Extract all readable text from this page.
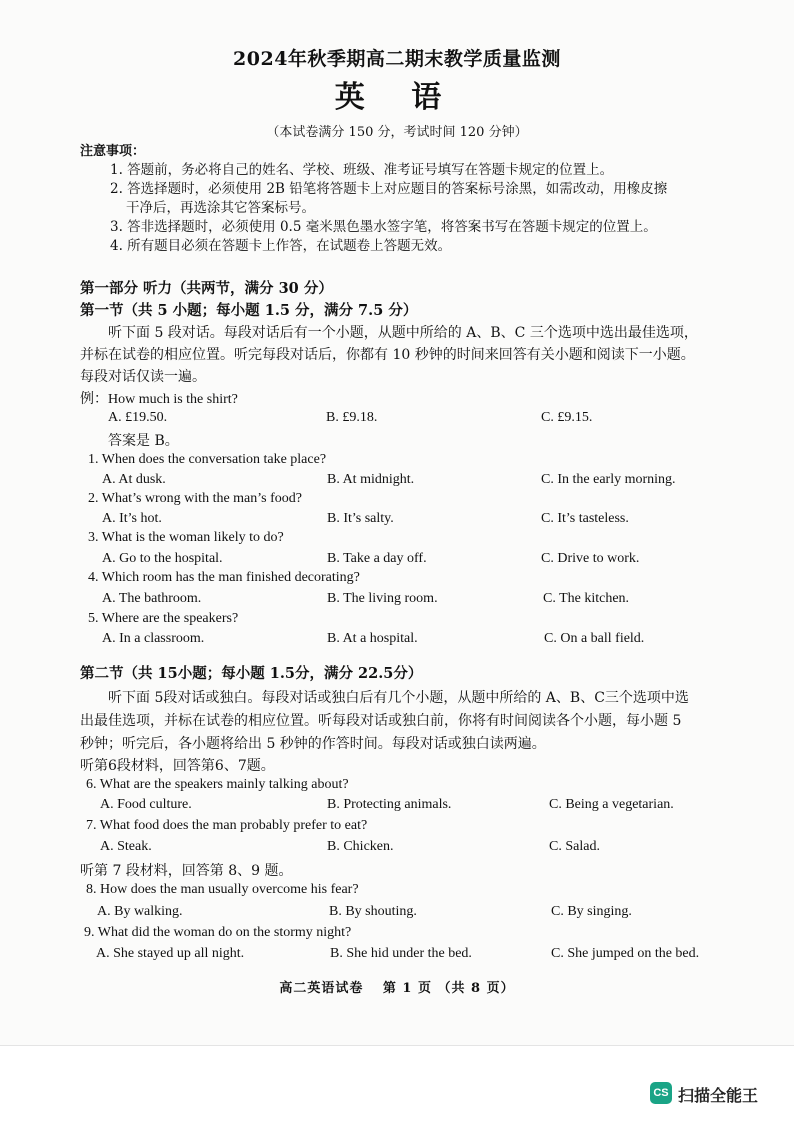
2024年秋季期高二期末教学质量监测
英 语
（本试卷满分 150 分，考试时间 120 分钟）
注意事项：
1. 答题前，务必将自己的姓名、学校、班级、准考证号填写在答题卡规定的位置上。
2. 答选择题时，必须使用 2B 铅笔将答题卡上对应题目的答案标号涂黑，如需改动，用橡皮擦
干净后，再选涂其它答案标号。
3. 答非选择题时，必须使用 0.5 毫米黑色墨水签字笔，将答案书写在答题卡规定的位置上。
4. 所有题目必须在答题卡上作答，在试题卷上答题无效。
第一部分 听力（共两节，满分 30 分）
第一节（共 5 小题；每小题 1.5 分，满分 7.5 分）
听下面 5 段对话。每段对话后有一个小题，从题中所给的 A、B、C 三个选项中选出最佳选项，
并标在试卷的相应位置。听完每段对话后，你都有 10 秒钟的时间来回答有关小题和阅读下一小题。
每段对话仅读一遍。
例：How much is the shirt?
A. £19.50.	B. £9.18.	C. £9.15.
答案是 B。
1. When does the conversation take place?
A. At dusk.	B. At midnight.	C. In the early morning.
2. What’s wrong with the man’s food?
A. It’s hot.	B. It’s salty.	C. It’s tasteless.
3. What is the woman likely to do?
A. Go to the hospital.	B. Take a day off.	C. Drive to work.
4. Which room has the man finished decorating?
A. The bathroom.	B. The living room.	C. The kitchen.
5. Where are the speakers?
A. In a classroom.	B. At a hospital.	C. On a ball field.
第二节（共 15小题；每小题 1.5分，满分 22.5分）
听下面 5段对话或独白。每段对话或独白后有几个小题，从题中所给的 A、B、C三个选项中选
出最佳选项，并标在试卷的相应位置。听每段对话或独白前，你将有时间阅读各个小题，每小题 5
秒钟；听完后，各小题将给出 5 秒钟的作答时间。每段对话或独白读两遍。
听第6段材料，回答第6、7题。
6. What are the speakers mainly talking about?
A. Food culture.	B. Protecting animals.	C. Being a vegetarian.
7. What food does the man probably prefer to eat?
A. Steak.	B. Chicken.	C. Salad.
听第 7 段材料，回答第 8、9 题。
8. How does the man usually overcome his fear?
A. By walking.	B. By shouting.	C. By singing.
9. What did the woman do on the stormy night?
A. She stayed up all night.	B. She hid under the bed.	C. She jumped on the bed.
高二英语试卷　 第 1 页 （共 8 页）
CS 扫描全能王
